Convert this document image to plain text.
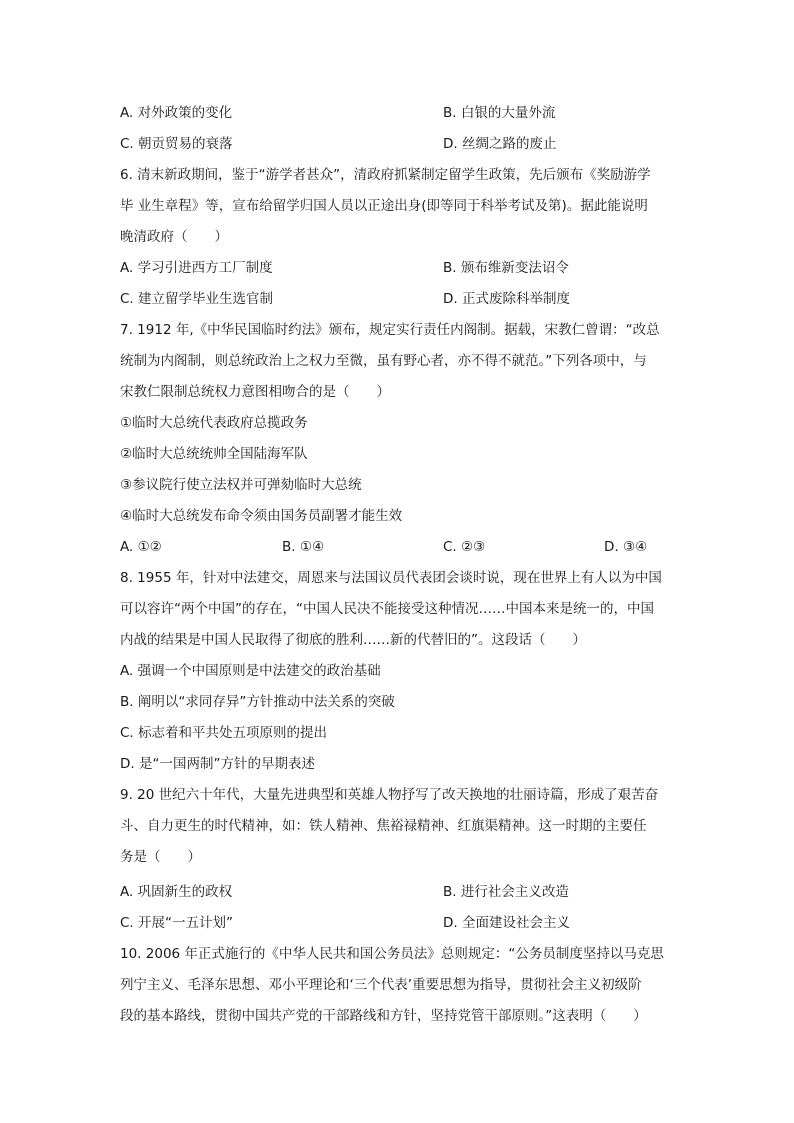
A. 对外政策的变化	B. 白银的大量外流
C. 朝贡贸易的衰落	D. 丝绸之路的废止
6. 清末新政期间，鉴于“游学者甚众”，清政府抓紧制定留学生政策，先后颁布《奖励游学
毕 业生章程》等，宣布给留学归国人员以正途出身(即等同于科举考试及第)。据此能说明
晚清政府（　　）
A. 学习引进西方工厂制度	B. 颁布维新变法诏令
C. 建立留学毕业生选官制	D. 正式废除科举制度
7. 1912 年,《中华民国临时约法》颁布，规定实行责任内阁制。据载，宋教仁曾谓：“改总
统制为内阁制，则总统政治上之权力至微，虽有野心者，亦不得不就范。”下列各项中，与
宋教仁限制总统权力意图相吻合的是（　　）
①临时大总统代表政府总揽政务
②临时大总统统帅全国陆海军队
③参议院行使立法权并可弹劾临时大总统
④临时大总统发布命令须由国务员副署才能生效
A. ①②	B. ①④	C. ②③	D. ③④
8. 1955 年，针对中法建交，周恩来与法国议员代表团会谈时说，现在世界上有人以为中国
可以容许“两个中国”的存在，“中国人民决不能接受这种情况……中国本来是统一的，中国
内战的结果是中国人民取得了彻底的胜利……新的代替旧的”。这段话（　　）
A. 强调一个中国原则是中法建交的政治基础
B. 阐明以“求同存异”方针推动中法关系的突破
C. 标志着和平共处五项原则的提出
D. 是“一国两制”方针的早期表述
9. 20 世纪六十年代，大量先进典型和英雄人物抒写了改天换地的壮丽诗篇，形成了艰苦奋
斗、自力更生的时代精神，如：铁人精神、焦裕禄精神、红旗渠精神。这一时期的主要任
务是（　　）
A. 巩固新生的政权	B. 进行社会主义改造
C. 开展“一五计划”	D. 全面建设社会主义
10. 2006 年正式施行的《中华人民共和国公务员法》总则规定：“公务员制度坚持以马克思
列宁主义、毛泽东思想、邓小平理论和‘三个代表’重要思想为指导，贯彻社会主义初级阶
段的基本路线，贯彻中国共产党的干部路线和方针，坚持党管干部原则。”这表明（　　）
